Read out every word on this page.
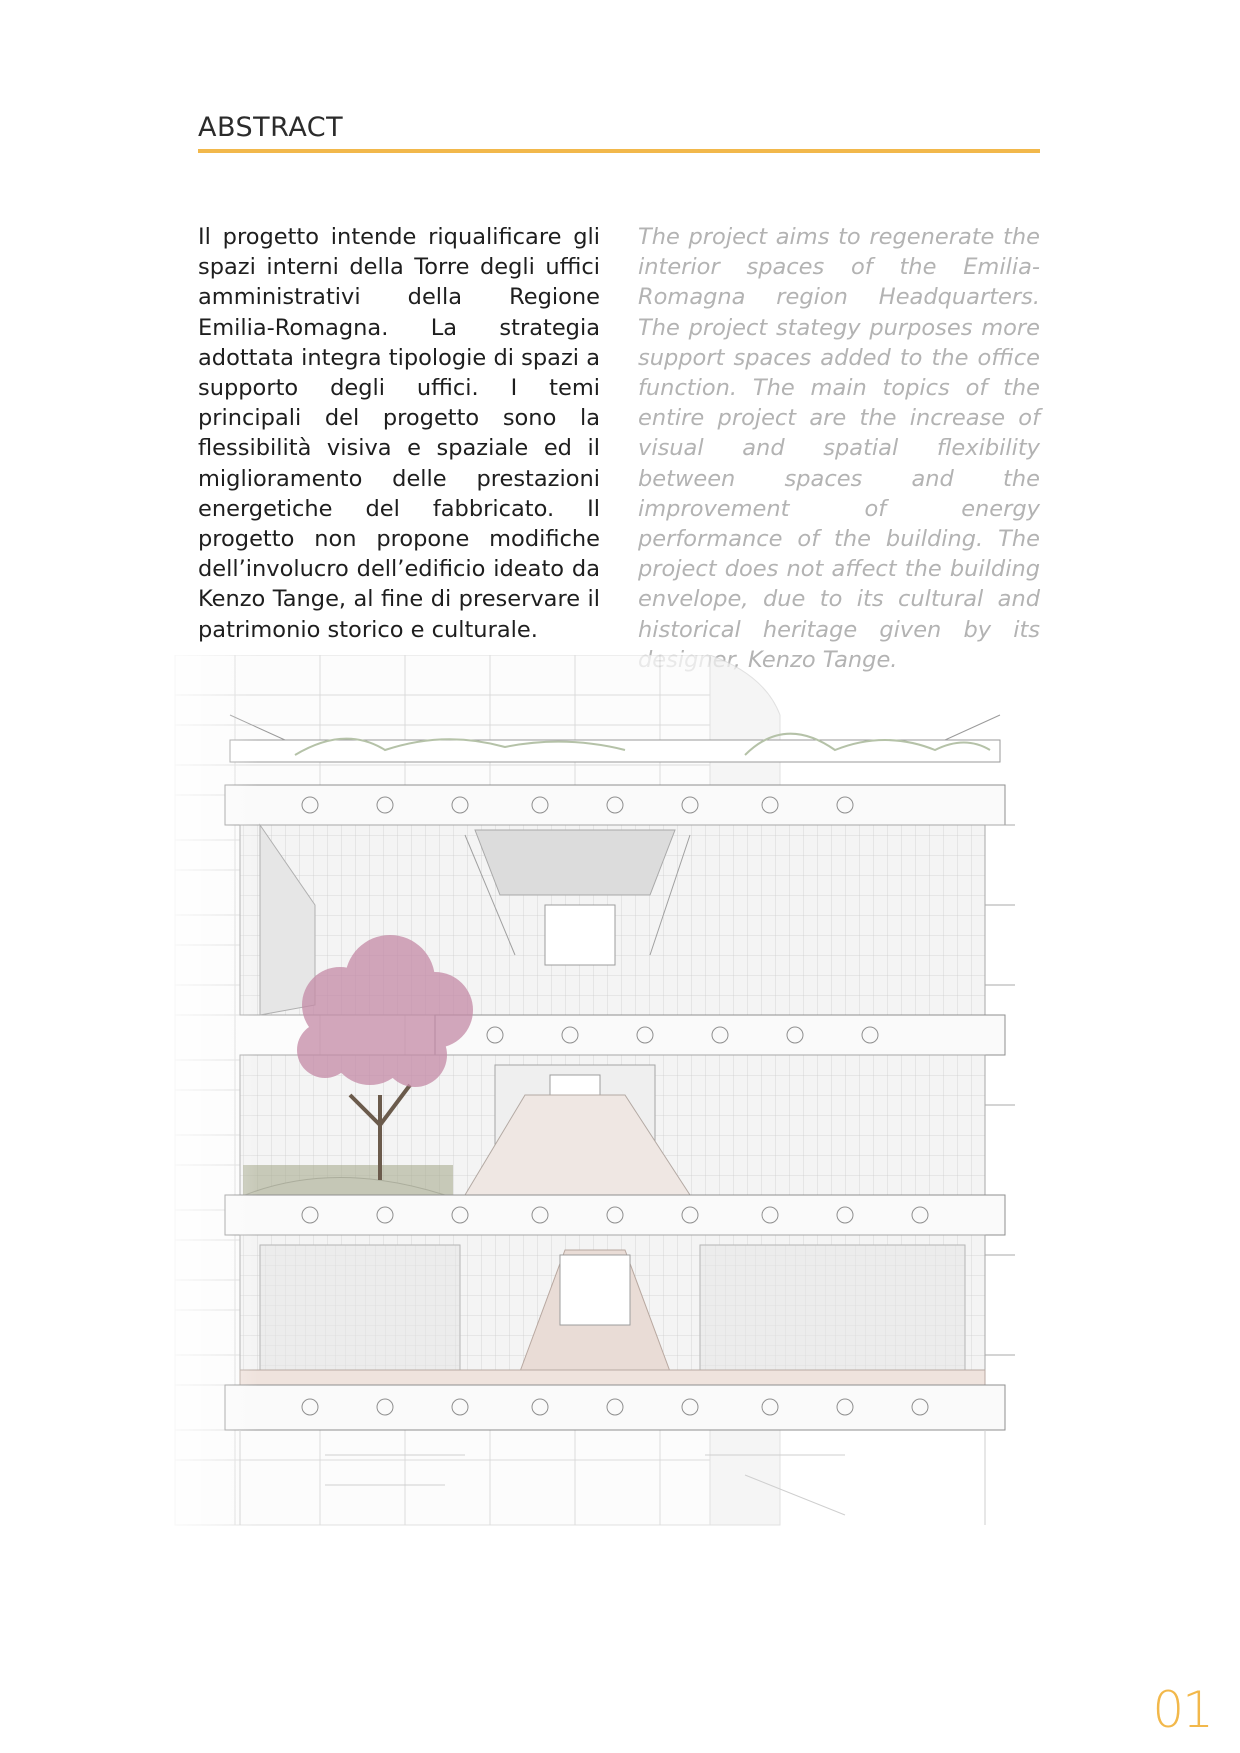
ABSTRACT
Il progetto intende riqualificare gli spazi interni della Torre degli uffici amministrativi della Regione Emilia-Romagna. La strategia adottata integra tipologie di spazi a supporto degli uffici. I temi principali del progetto sono la flessibilità visiva e spaziale ed il miglioramento delle prestazioni energetiche del fabbricato. Il progetto non propone modifiche dell’involucro dell’edificio ideato da Kenzo Tange, al fine di preservare il patrimonio storico e culturale.
The project aims to regenerate the interior spaces of the Emilia-Romagna region Headquarters. The project stategy purposes more support spaces added to the office function. The main topics of the entire project are the increase of visual and spatial flexibility between spaces and the improvement of energy performance of the building. The project does not affect the building envelope, due to its cultural and historical heritage given by its
01
